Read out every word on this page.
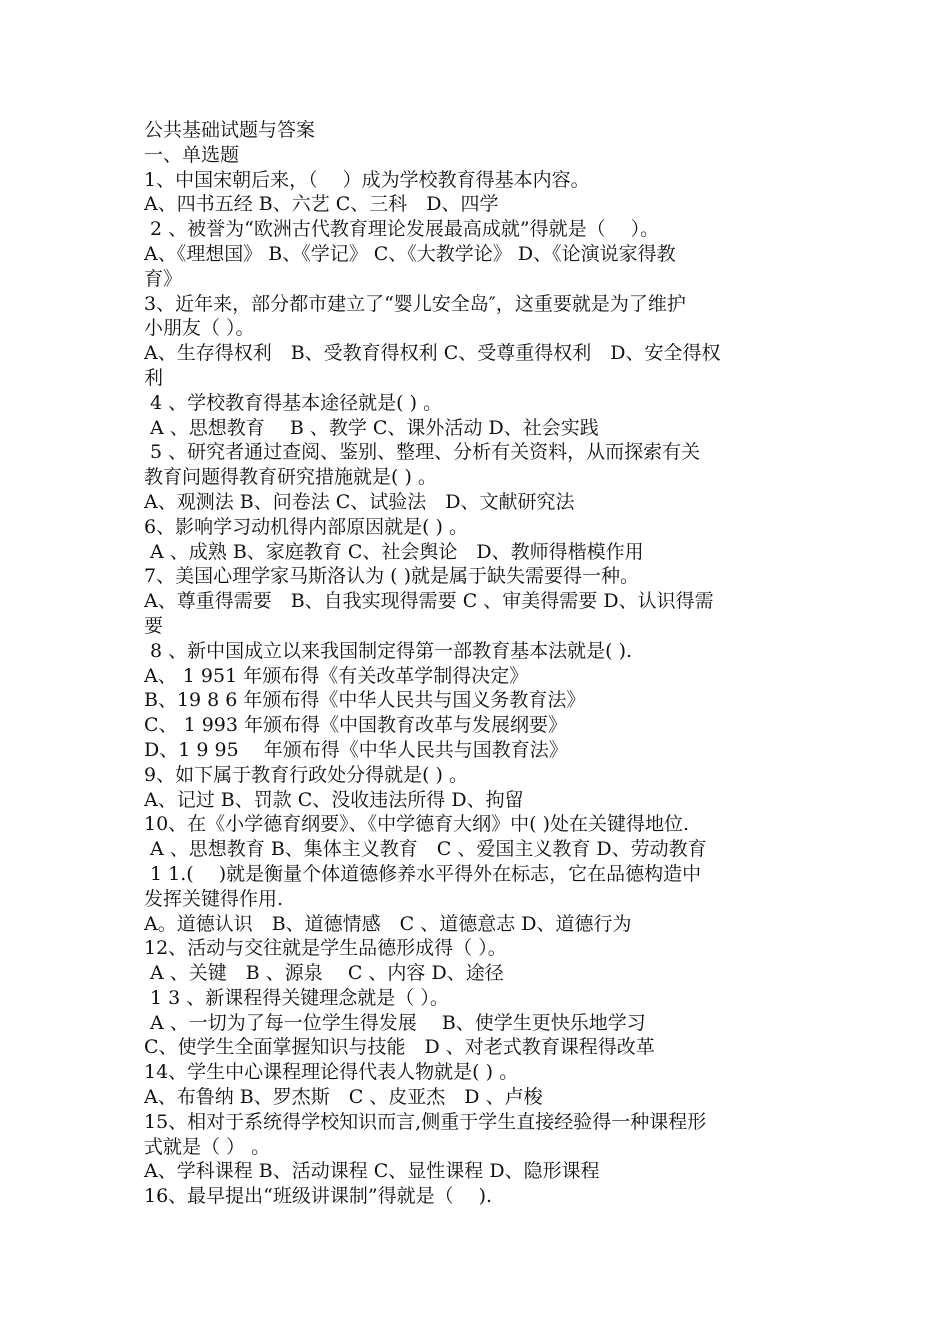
公共基础试题与答案
一、单选题
1、中国宋朝后来，（　 ）成为学校教育得基本内容。
A、四书五经 B、六艺 C、三科　D、四学
2 、被誉为“欧洲古代教育理论发展最高成就”得就是（　 ）。
A、《理想国》 B、《学记》 C、《大教学论》 D、《论演说家得教
育》
3、近年来，部分都市建立了“婴儿安全岛″，这重要就是为了维护
小朋友（ ）。
A、生存得权利　B、受教育得权利 C、受尊重得权利　D、安全得权
利
4 、学校教育得基本途径就是( ) 。
A 、思想教育　 B 、教学 C、课外活动 D、社会实践
5 、研究者通过查阅、鉴别、整理、分析有关资料，从而探索有关
教育问题得教育研究措施就是( ) 。
A、观测法 B、问卷法 C、试验法　D、文献研究法
6、影响学习动机得内部原因就是( ) 。
A 、成熟 B、家庭教育 C、社会舆论　D、教师得楷模作用
7、美国心理学家马斯洛认为 ( )就是属于缺失需要得一种。
A、尊重得需要　B、自我实现得需要 C 、审美得需要 D、认识得需
要
8 、新中国成立以来我国制定得第一部教育基本法就是( ).
A、 1 951 年颁布得《有关改革学制得决定》
B、19 8 6 年颁布得《中华人民共与国义务教育法》
C、 1 993 年颁布得《中国教育改革与发展纲要》
D、1 9 95　 年颁布得《中华人民共与国教育法》
9、如下属于教育行政处分得就是( ) 。
A、记过 B、罚款 C、没收违法所得 D、拘留
10、在《小学德育纲要》、《中学德育大纲》中( )处在关键得地位.
A 、思想教育 B、集体主义教育　C 、爱国主义教育 D、劳动教育
1 1.(　 )就是衡量个体道德修养水平得外在标志，它在品德构造中
发挥关键得作用.
A。道德认识　B、道德情感　C 、道德意志 D、道德行为
12、活动与交往就是学生品德形成得（ ）。
A 、关键　B 、源泉　 C 、内容 D、途径
1 3 、新课程得关键理念就是（ ）。
A 、一切为了每一位学生得发展　 B、使学生更快乐地学习
C、使学生全面掌握知识与技能　D 、对老式教育课程得改革
14、学生中心课程理论得代表人物就是( ) 。
A、布鲁纳 B、罗杰斯　C 、皮亚杰　D 、卢梭
15、相对于系统得学校知识而言,侧重于学生直接经验得一种课程形
式就是（ ） 。
A、学科课程 B、活动课程 C、显性课程 D、隐形课程
16、最早提出“班级讲课制”得就是（　 ).
